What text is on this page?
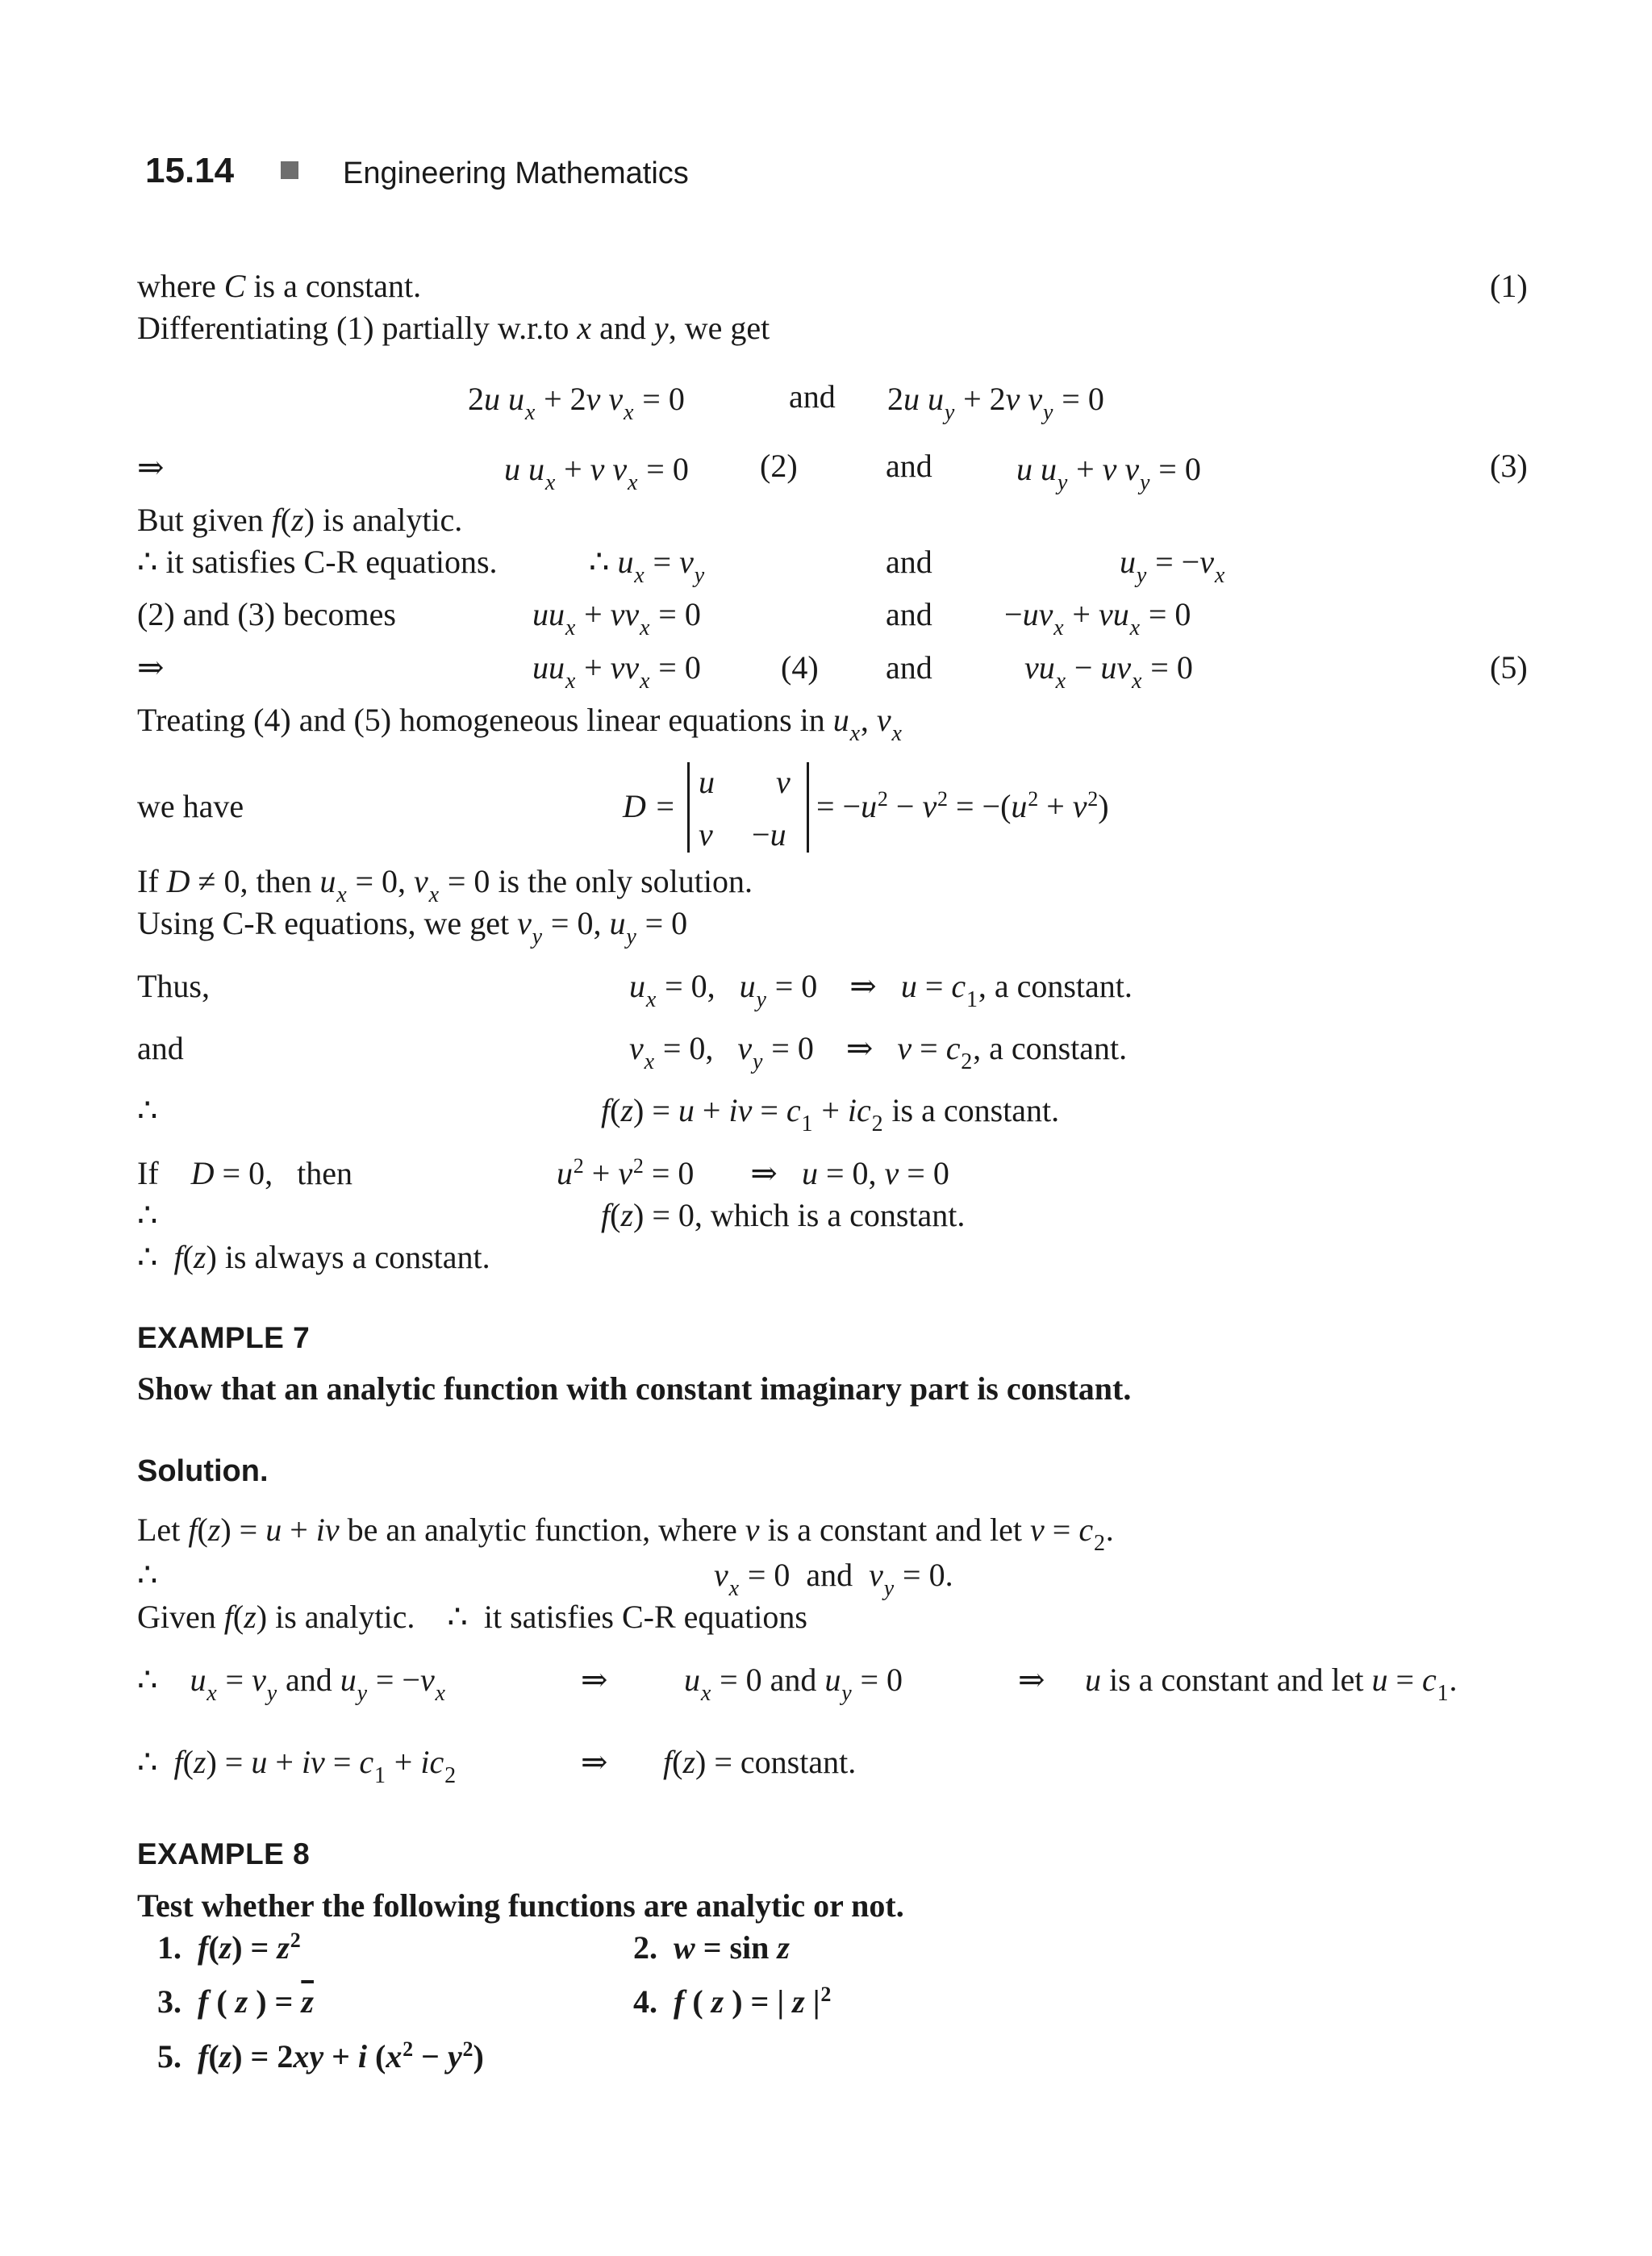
15.14	Engineering Mathematics
where C is a constant.	(1)
Differentiating (1) partially w.r.to x and y, we get
2u $u_x + 2v$ $v_x = 0$	and 2u $u_y + 2v$ $v_y = 0$
⇒	u $u_x + v$ $v_x = 0$ (2)	and	u $u_y + v$ $v_y = 0$	(3)
But given f(z) is analytic.
∴ it satisfies C-R equations.	∴ $u_x = v_y$	and	$u_y = -v_x$
(2) and (3) becomes	$uu_x + vv_x = 0$	and $-uv_x + vu_x = 0$
⇒	$uu_x + vv_x = 0$ (4) and	$vu_x - uv_x = 0$	(5)
Treating (4) and (5) homogeneous linear equations in $u_x$, $v_x$
we have	D =
u v
v −u
= $-u^2 - v^2 = -(u^2 + v^2)$
If D ≠ 0, then $u_x = 0$, $v_x = 0$ is the only solution.
Using C-R equations, we get $v_y = 0$, $u_y = 0$
Thus,	$u_x = 0$,   $u_y = 0$    ⇒   $u = c_1$, a constant.
and	$v_x = 0$,   $v_y = 0$    ⇒   $v = c_2$, a constant.
∴	f(z) = u + iv = $c_1 + ic_2$ is a constant.
If    D = 0,   then	$u^2 + v^2 = 0$       ⇒   u = 0, v = 0
∴	f(z) = 0, which is a constant.
∴  f(z) is always a constant.
EXAMPLE 7
Show that an analytic function with constant imaginary part is constant.
Solution.
Let f(z) = u + iv be an analytic function, where v is a constant and let $v = c_2$.
∴	$v_x = 0$  and  $v_y = 0$.
Given f(z) is analytic.    ∴  it satisfies C-R equations
∴    $u_x = v_y$ and $u_y = -v_x$	⇒ $u_x = 0$ and $u_y = 0$	⇒ u is a constant and let $u = c_1$.
∴  f(z) = u + iv = $c_1 + ic_2$	⇒ f(z) = constant.
EXAMPLE 8
Test whether the following functions are analytic or not.
1.  $f(z) = z^2$	2.  w = sin z
3.  f ( z ) = $\overline{z}$	4.  f ( z ) = | z $|^2$
5.  f(z) = 2xy + i $(x^2 - y^2)$
